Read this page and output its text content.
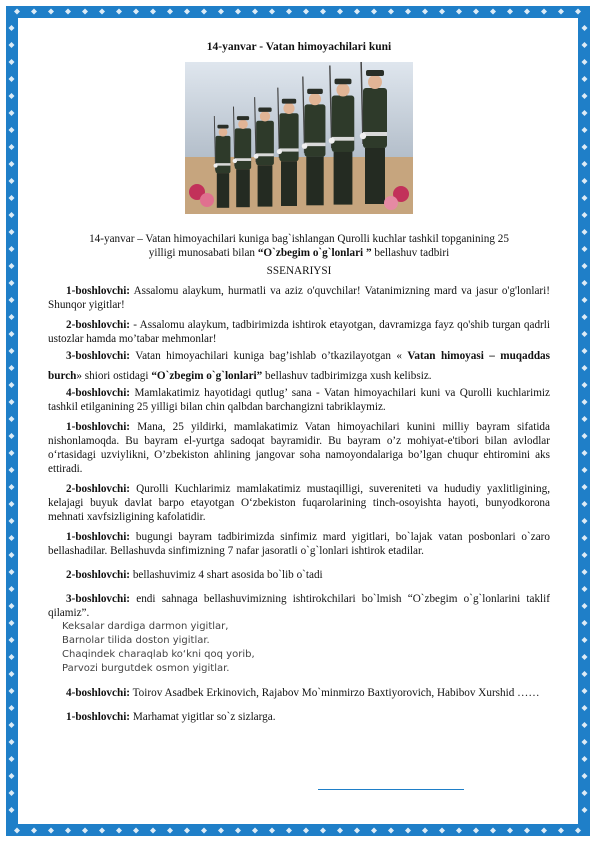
14-yanvar - Vatan himoyachilari kuni
14-yanvar – Vatan himoyachilari kuniga bag`ishlangan Qurolli kuchlar tashkil topganining 25
yilligi munosabati bilan “O`zbegim o`g`lonlari ” bellashuv tadbiri
SSENARIYSI

1-boshlovchi: Assalomu alaykum, hurmatli va aziz o'quvchilar! Vatanimizning mard va jasur o'g'lonlari! Shunqor yigitlar!

2-boshlovchi: - Assalomu alaykum, tadbirimizda ishtirok etayotgan, davramizga fayz qo'shib turgan qadrli ustozlar hamda mo’tabar mehmonlar!

3-boshlovchi: Vatan himoyachilari kuniga bag’ishlab o’tkazilayotgan « Vatan himoyasi – muqaddas burch» shiori ostidagi “O`zbegim o`g`lonlari” bellashuv tadbirimizga xush kelibsiz.

4-boshlovchi: Mamlakatimiz hayotidagi qutlug’ sana - Vatan himoyachilari kuni va Qurolli kuchlarimiz tashkil etilganining 25 yilligi bilan chin qalbdan barchangizni tabriklaymiz.

1-boshlovchi: Mana, 25 yildirki, mamlakatimiz Vatan himoyachilari kunini milliy bayram sifatida nishonlamoqda. Bu bayram el-yurtga sadoqat bayramidir. Bu bayram o’z mohiyat-e'tibori bilan avlodlar o‘rtasidagi uzviylikni, O’zbekiston ahlining jangovar soha namoyondalariga bo’lgan chuqur ehtiromini aks ettiradi.

2-boshlovchi: Qurolli Kuchlarimiz mamlakatimiz mustaqilligi, suvereniteti va hududiy yaxlitligining, kelajagi buyuk davlat barpo etayotgan O‘zbekiston fuqarolarining tinch-osoyishta hayoti, bunyodkorona mehnati xavfsizligining kafolatidir.

1-boshlovchi: bugungi bayram tadbirimizda sinfimiz mard yigitlari, bo`lajak vatan posbonlari o`zaro bellashadilar. Bellashuvda sinfimizning 7 nafar jasoratli o`g`lonlari ishtirok etadilar.

2-boshlovchi: bellashuvimiz 4 shart asosida bo`lib o`tadi

3-boshlovchi: endi sahnaga bellashuvimizning ishtirokchilari bo`lmish “O`zbegim o`g`lonlarini taklif qilamiz”.

Keksalar dardiga darmon yigitlar,
Barnolar tilida doston yigitlar.
Chaqindek charaqlab ko‘kni qoq yorib,
Parvozi burgutdek osmon yigitlar.

4-boshlovchi: Toirov Asadbek Erkinovich, Rajabov Mo`minmirzo Baxtiyorovich, Habibov Xurshid ……

1-boshlovchi: Marhamat yigitlar so`z sizlarga.
